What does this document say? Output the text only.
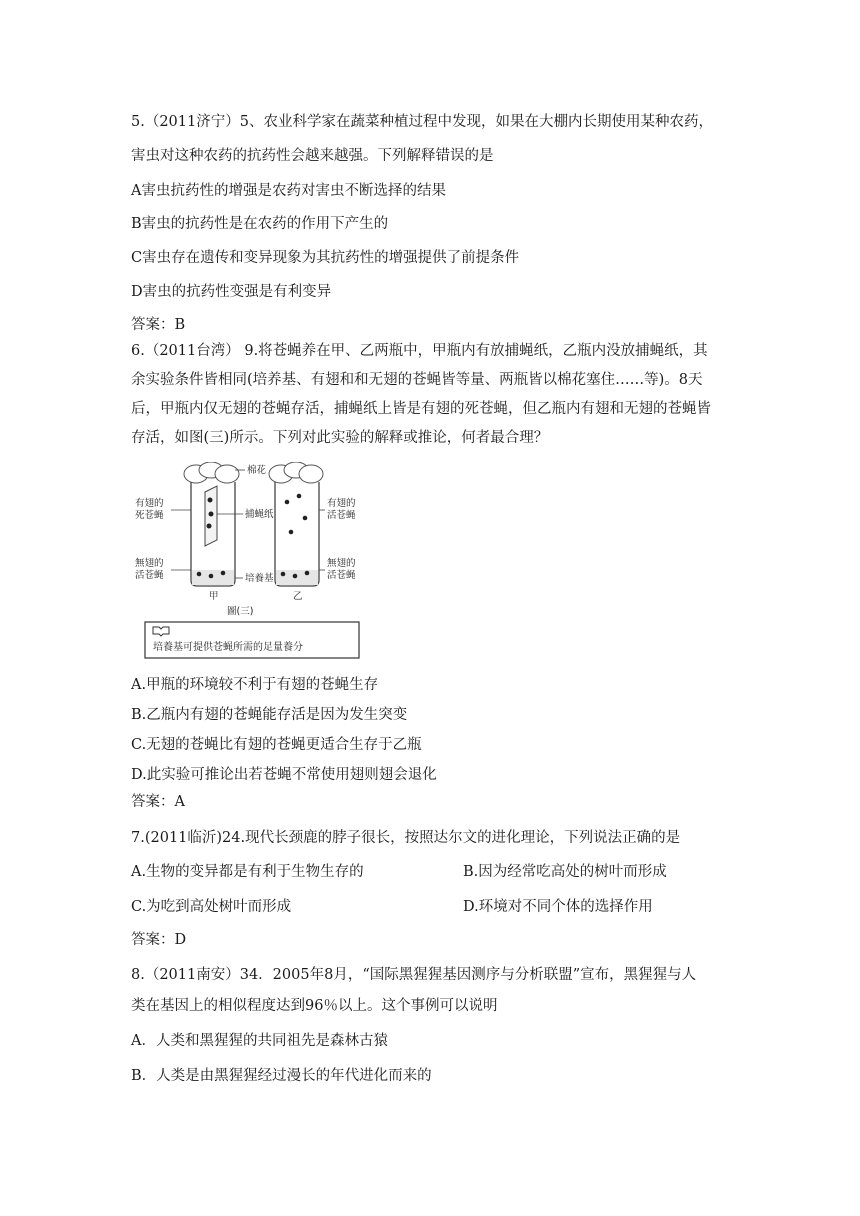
5.（2011济宁）5、农业科学家在蔬菜种植过程中发现，如果在大棚内长期使用某种农药，
害虫对这种农药的抗药性会越来越强。下列解释错误的是
A害虫抗药性的增强是农药对害虫不断选择的结果
B害虫的抗药性是在农药的作用下产生的
C害虫存在遗传和变异现象为其抗药性的增强提供了前提条件
D害虫的抗药性变强是有利变异
答案：B
6.（2011台湾） 9.将苍蝇养在甲、乙两瓶中，甲瓶内有放捕蝇纸，乙瓶内没放捕蝇纸，其
余实验条件皆相同(培养基、有翅和和无翅的苍蝇皆等量、两瓶皆以棉花塞住……等)。8天
后，甲瓶内仅无翅的苍蝇存活，捕蝇纸上皆是有翅的死苍蝇，但乙瓶内有翅和无翅的苍蝇皆
存活，如图(三)所示。下列对此实验的解释或推论，何者最合理？
棉花
有翅的
死苍蝇	捕蝇纸
有翅的
活苍蝇
無翅的
活苍蝇	培養基
無翅的
活苍蝇
甲	乙
圖(三)
培養基可提供苍蝇所需的足量養分
A.甲瓶的环境较不利于有翅的苍蝇生存
B.乙瓶内有翅的苍蝇能存活是因为发生突变
C.无翅的苍蝇比有翅的苍蝇更适合生存于乙瓶
D.此实验可推论出若苍蝇不常使用翅则翅会退化
答案：A
7.(2011临沂)24.现代长颈鹿的脖子很长，按照达尔文的进化理论，下列说法正确的是
A.生物的变异都是有利于生物生存的	B.因为经常吃高处的树叶而形成
C.为吃到高处树叶而形成	D.环境对不同个体的选择作用
答案：D
8.（2011南安）34．2005年8月，“国际黑猩猩基因测序与分析联盟”宣布，黑猩猩与人
类在基因上的相似程度达到96％以上。这个事例可以说明
A．人类和黑猩猩的共同祖先是森林古猿
B．人类是由黑猩猩经过漫长的年代进化而来的
